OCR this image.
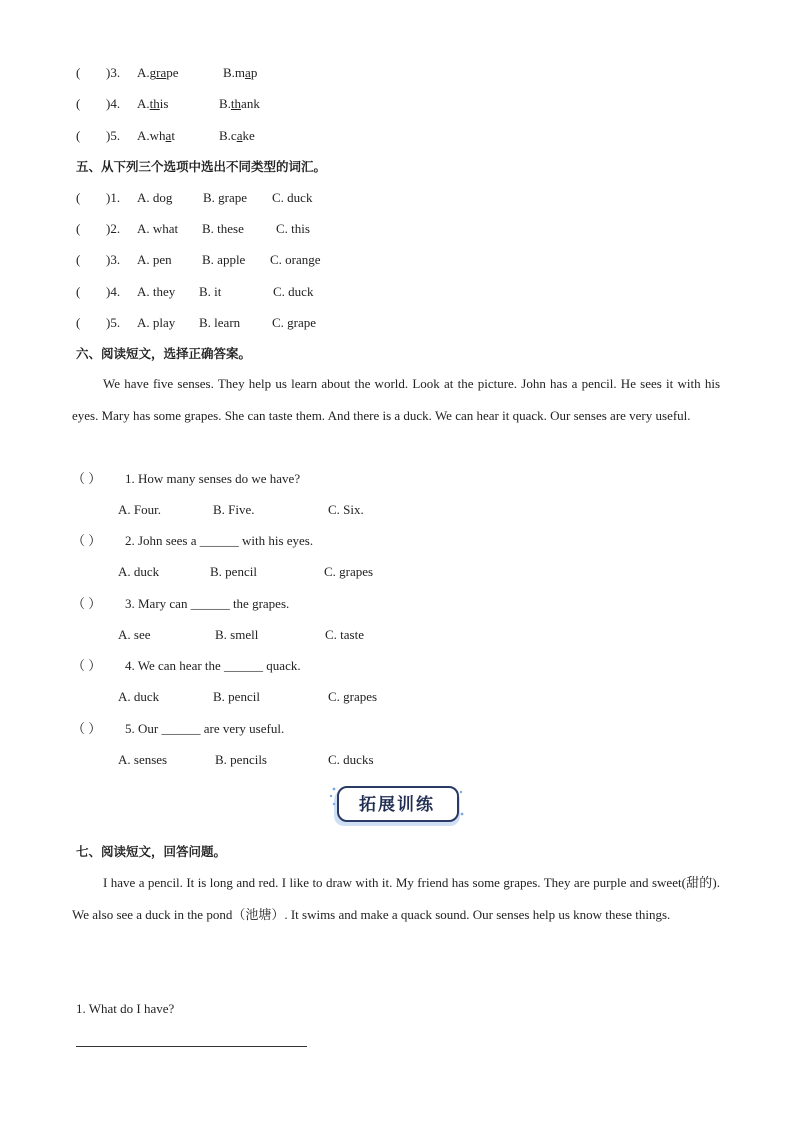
( )3. A.grape	B.map
( )4. A.this	B.thank
( )5. A.what	B.cake
五、从下列三个选项中选出不同类型的词汇。
( )1. A. dog B. grape C. duck
( )2. A. what B. these C. this
( )3. A. pen B. apple C. orange
( )4. A. they B. it	C. duck
( )5. A. play B. learn C. grape
六、阅读短文，选择正确答案。
We have five senses. They help us learn about the world. Look at the picture. John has a pencil. He sees it with his eyes. Mary has some grapes. She can taste them. And there is a duck. We can hear it quack. Our senses are very useful.
（ ） 1. How many senses do we have?
A. Four.	B. Five.	C. Six.
（ ） 2. John sees a ______ with his eyes.
A. duck	B. pencil	C. grapes
（ ） 3. Mary can ______ the grapes.
A. see	B. smell	C. taste
（ ） 4. We can hear the ______ quack.
A. duck	B. pencil	C. grapes
（ ） 5. Our ______ are very useful.
A. senses	B. pencils	C. ducks
拓展训练
七、阅读短文，回答问题。
I have a pencil. It is long and red. I like to draw with it. My friend has some grapes. They are purple and sweet(甜的). We also see a duck in the pond（池塘）. It swims and make a quack sound. Our senses help us know these things.
1. What do I have?
